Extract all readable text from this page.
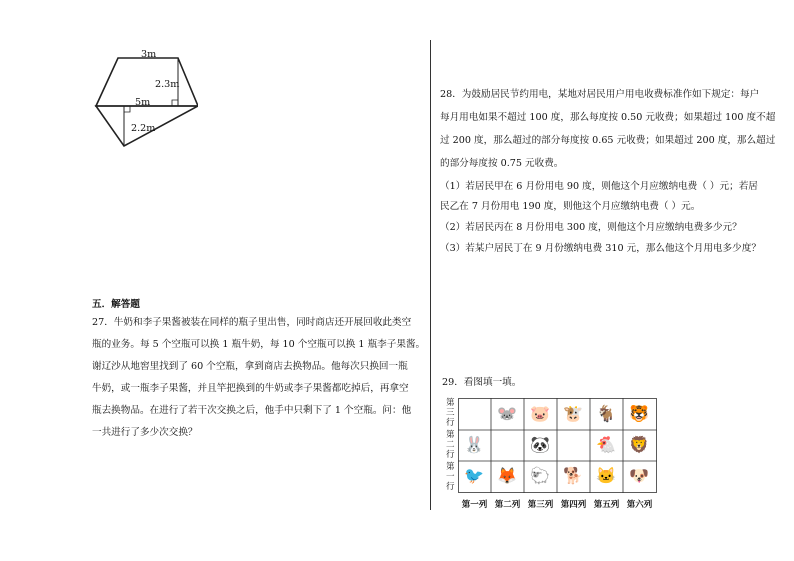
3m
2.3m
5m
2.2m
五．解答题
27．牛奶和李子果酱被装在同样的瓶子里出售，同时商店还开展回收此类空
瓶的业务。每 5 个空瓶可以换 1 瓶牛奶，每 10 个空瓶可以换 1 瓶李子果酱。
谢辽沙从地窖里找到了 60 个空瓶，拿到商店去换物品。他每次只换回一瓶
牛奶，或一瓶李子果酱，并且竿把换到的牛奶或李子果酱都吃掉后，再拿空
瓶去换物品。在进行了若干次交换之后，他手中只剩下了 1 个空瓶。问：他
一共进行了多少次交换？
28．为鼓励居民节约用电，某地对居民用户用电收费标准作如下规定：每户
每月用电如果不超过 100 度，那么每度按 0.50 元收费；如果超过 100 度不超
过 200 度，那么超过的部分每度按 0.65 元收费；如果超过 200 度，那么超过
的部分每度按 0.75 元收费。
（1）若居民甲在 6 月份用电 90 度，则他这个月应缴纳电费（ ）元；若居
民乙在 7 月份用电 190 度，则他这个月应缴纳电费（ ）元。
（2）若居民丙在 8 月份用电 300 度，则他这个月应缴纳电费多少元？
（3）若某户居民丁在 9 月份缴纳电费 310 元，那么他这个月用电多少度？
29．看图填一填。
🐭 🐷 🐮 🐐 🐯
🐰	🐼	🐔 🦁
🐦 🦊 🐑 🐕 🐱 🐶
第三行
第二行
第一行
第一列 第二列 第三列 第四列 第五列 第六列
